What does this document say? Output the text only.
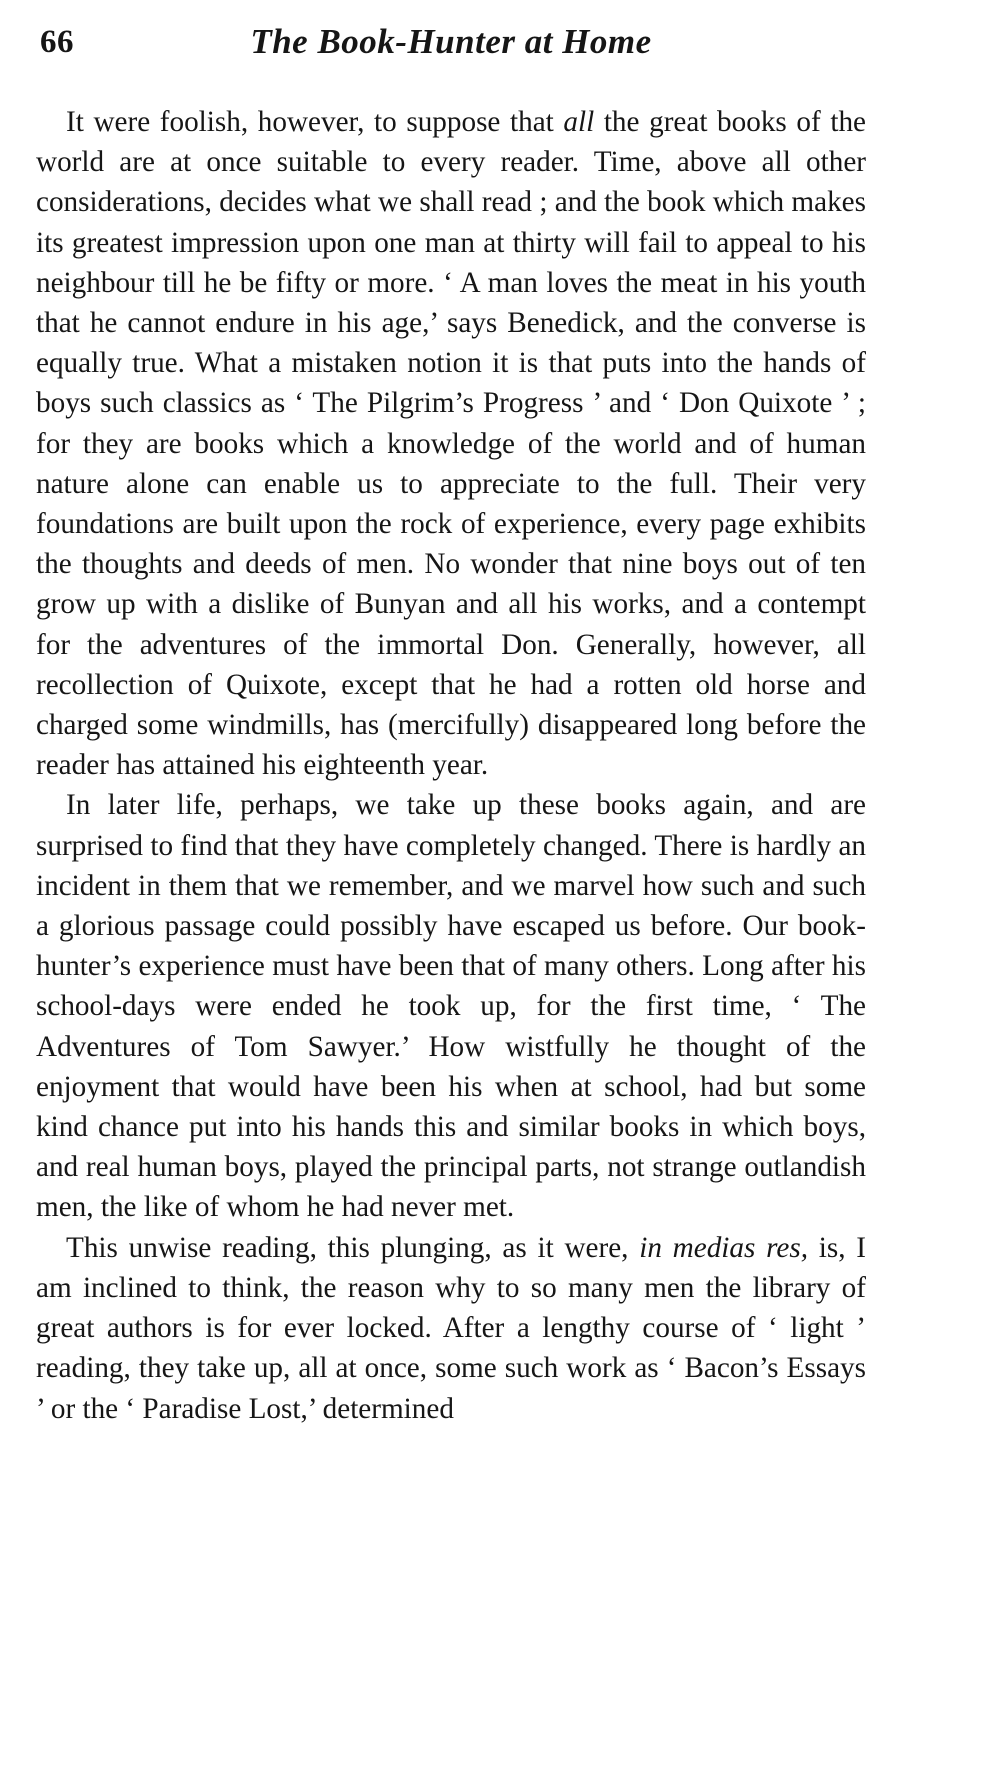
66	The Book-Hunter at Home

It were foolish, however, to suppose that all the great books of the world are at once suitable to every reader. Time, above all other considerations, decides what we shall read ; and the book which makes its greatest impression upon one man at thirty will fail to appeal to his neighbour till he be fifty or more. ‘ A man loves the meat in his youth that he cannot endure in his age,’ says Benedick, and the converse is equally true. What a mistaken notion it is that puts into the hands of boys such classics as ‘ The Pilgrim’s Progress ’ and ‘ Don Quixote ’ ; for they are books which a knowledge of the world and of human nature alone can enable us to appreciate to the full. Their very foundations are built upon the rock of experience, every page exhibits the thoughts and deeds of men. No wonder that nine boys out of ten grow up with a dislike of Bunyan and all his works, and a contempt for the adventures of the immortal Don. Generally, however, all recollection of Quixote, except that he had a rotten old horse and charged some windmills, has (mercifully) disappeared long before the reader has attained his eighteenth year.

In later life, perhaps, we take up these books again, and are surprised to find that they have completely changed. There is hardly an incident in them that we remember, and we marvel how such and such a glorious passage could possibly have escaped us before. Our book-hunter’s experience must have been that of many others. Long after his school-days were ended he took up, for the first time, ‘ The Adventures of Tom Sawyer.’ How wistfully he thought of the enjoyment that would have been his when at school, had but some kind chance put into his hands this and similar books in which boys, and real human boys, played the principal parts, not strange outlandish men, the like of whom he had never met.

This unwise reading, this plunging, as it were, in medias res, is, I am inclined to think, the reason why to so many men the library of great authors is for ever locked. After a lengthy course of ‘ light ’ reading, they take up, all at once, some such work as ‘ Bacon’s Essays ’ or the ‘ Paradise Lost,’ determined
